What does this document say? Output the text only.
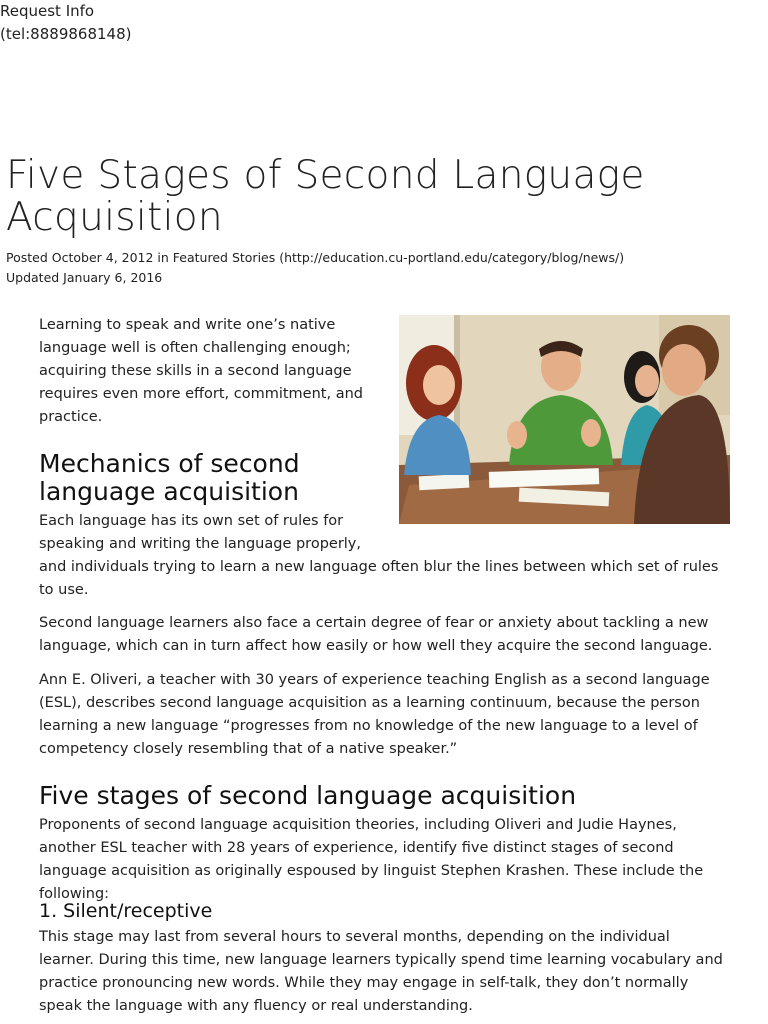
Request Info
(tel:8889868148)
Five Stages of Second Language Acquisition
Posted October 4, 2012 in Featured Stories (http://education.cu-portland.edu/category/blog/news/)
Updated January 6, 2016

Learning to speak and write one’s native language well is often challenging enough; acquiring these skills in a second language requires even more effort, commitment, and practice.

Mechanics of second language acquisition

Each language has its own set of rules for speaking and writing the language properly,

and individuals trying to learn a new language often blur the lines between which set of rules to use.

Second language learners also face a certain degree of fear or anxiety about tackling a new language, which can in turn affect how easily or how well they acquire the second language.

Ann E. Oliveri, a teacher with 30 years of experience teaching English as a second language (ESL), describes second language acquisition as a learning continuum, because the person learning a new language “progresses from no knowledge of the new language to a level of competency closely resembling that of a native speaker.”

Five stages of second language acquisition

Proponents of second language acquisition theories, including Oliveri and Judie Haynes, another ESL teacher with 28 years of experience, identify five distinct stages of second language acquisition as originally espoused by linguist Stephen Krashen. These include the following:

1. Silent/receptive

This stage may last from several hours to several months, depending on the individual learner. During this time, new language learners typically spend time learning vocabulary and practice pronouncing new words. While they may engage in self-talk, they don’t normally speak the language with any fluency or real understanding.
